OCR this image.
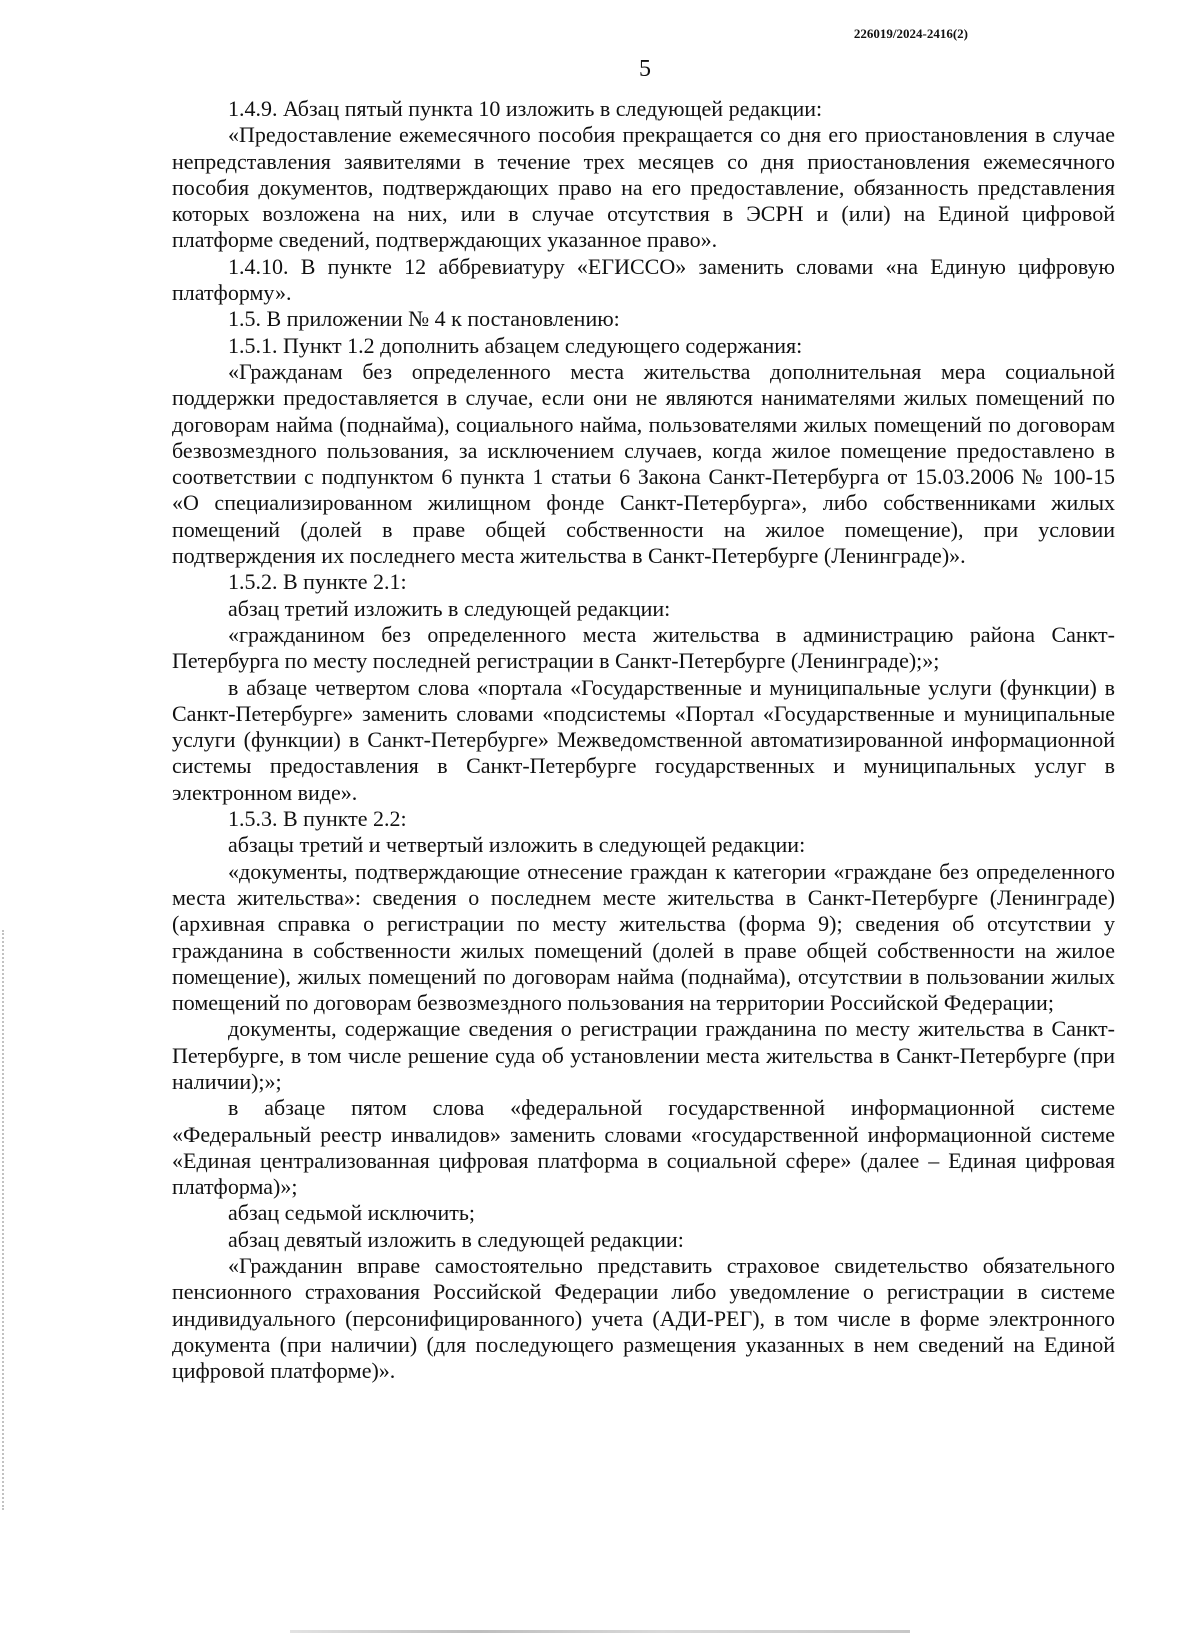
226019/2024-2416(2)
5

1.4.9. Абзац пятый пункта 10 изложить в следующей редакции:

«Предоставление ежемесячного пособия прекращается со дня его приостановления в случае непредставления заявителями в течение трех месяцев со дня приостановления ежемесячного пособия документов, подтверждающих право на его предоставление, обязанность представления которых возложена на них, или в случае отсутствия в ЭСРН и (или) на Единой цифровой платформе сведений, подтверждающих указанное право».

1.4.10. В пункте 12 аббревиатуру «ЕГИССО» заменить словами «на Единую цифровую платформу».

1.5. В приложении № 4 к постановлению:

1.5.1. Пункт 1.2 дополнить абзацем следующего содержания:

«Гражданам без определенного места жительства дополнительная мера социальной поддержки предоставляется в случае, если они не являются нанимателями жилых помещений по договорам найма (поднайма), социального найма, пользователями жилых помещений по договорам безвозмездного пользования, за исключением случаев, когда жилое помещение предоставлено в соответствии с подпунктом 6 пункта 1 статьи 6 Закона Санкт-Петербурга от 15.03.2006 № 100-15 «О специализированном жилищном фонде Санкт-Петербурга», либо собственниками жилых помещений (долей в праве общей собственности на жилое помещение), при условии подтверждения их последнего места жительства в Санкт-Петербурге (Ленинграде)».

1.5.2. В пункте 2.1:

абзац третий изложить в следующей редакции:

«гражданином без определенного места жительства в администрацию района Санкт-Петербурга по месту последней регистрации в Санкт-Петербурге (Ленинграде);»;

в абзаце четвертом слова «портала «Государственные и муниципальные услуги (функции) в Санкт-Петербурге» заменить словами «подсистемы «Портал «Государственные и муниципальные услуги (функции) в Санкт-Петербурге» Межведомственной автоматизированной информационной системы предоставления в Санкт-Петербурге государственных и муниципальных услуг в электронном виде».

1.5.3. В пункте 2.2:

абзацы третий и четвертый изложить в следующей редакции:

«документы, подтверждающие отнесение граждан к категории «граждане без определенного места жительства»: сведения о последнем месте жительства в Санкт-Петербурге (Ленинграде) (архивная справка о регистрации по месту жительства (форма 9); сведения об отсутствии у гражданина в собственности жилых помещений (долей в праве общей собственности на жилое помещение), жилых помещений по договорам найма (поднайма), отсутствии в пользовании жилых помещений по договорам безвозмездного пользования на территории Российской Федерации;

документы, содержащие сведения о регистрации гражданина по месту жительства в Санкт-Петербурге, в том числе решение суда об установлении места жительства в Санкт-Петербурге (при наличии);»;

в абзаце пятом слова «федеральной государственной информационной системе «Федеральный реестр инвалидов» заменить словами «государственной информационной системе «Единая централизованная цифровая платформа в социальной сфере» (далее – Единая цифровая платформа)»;

абзац седьмой исключить;

абзац девятый изложить в следующей редакции:

«Гражданин вправе самостоятельно представить страховое свидетельство обязательного пенсионного страхования Российской Федерации либо уведомление о регистрации в системе индивидуального (персонифицированного) учета (АДИ-РЕГ), в том числе в форме электронного документа (при наличии) (для последующего размещения указанных в нем сведений на Единой цифровой платформе)».
